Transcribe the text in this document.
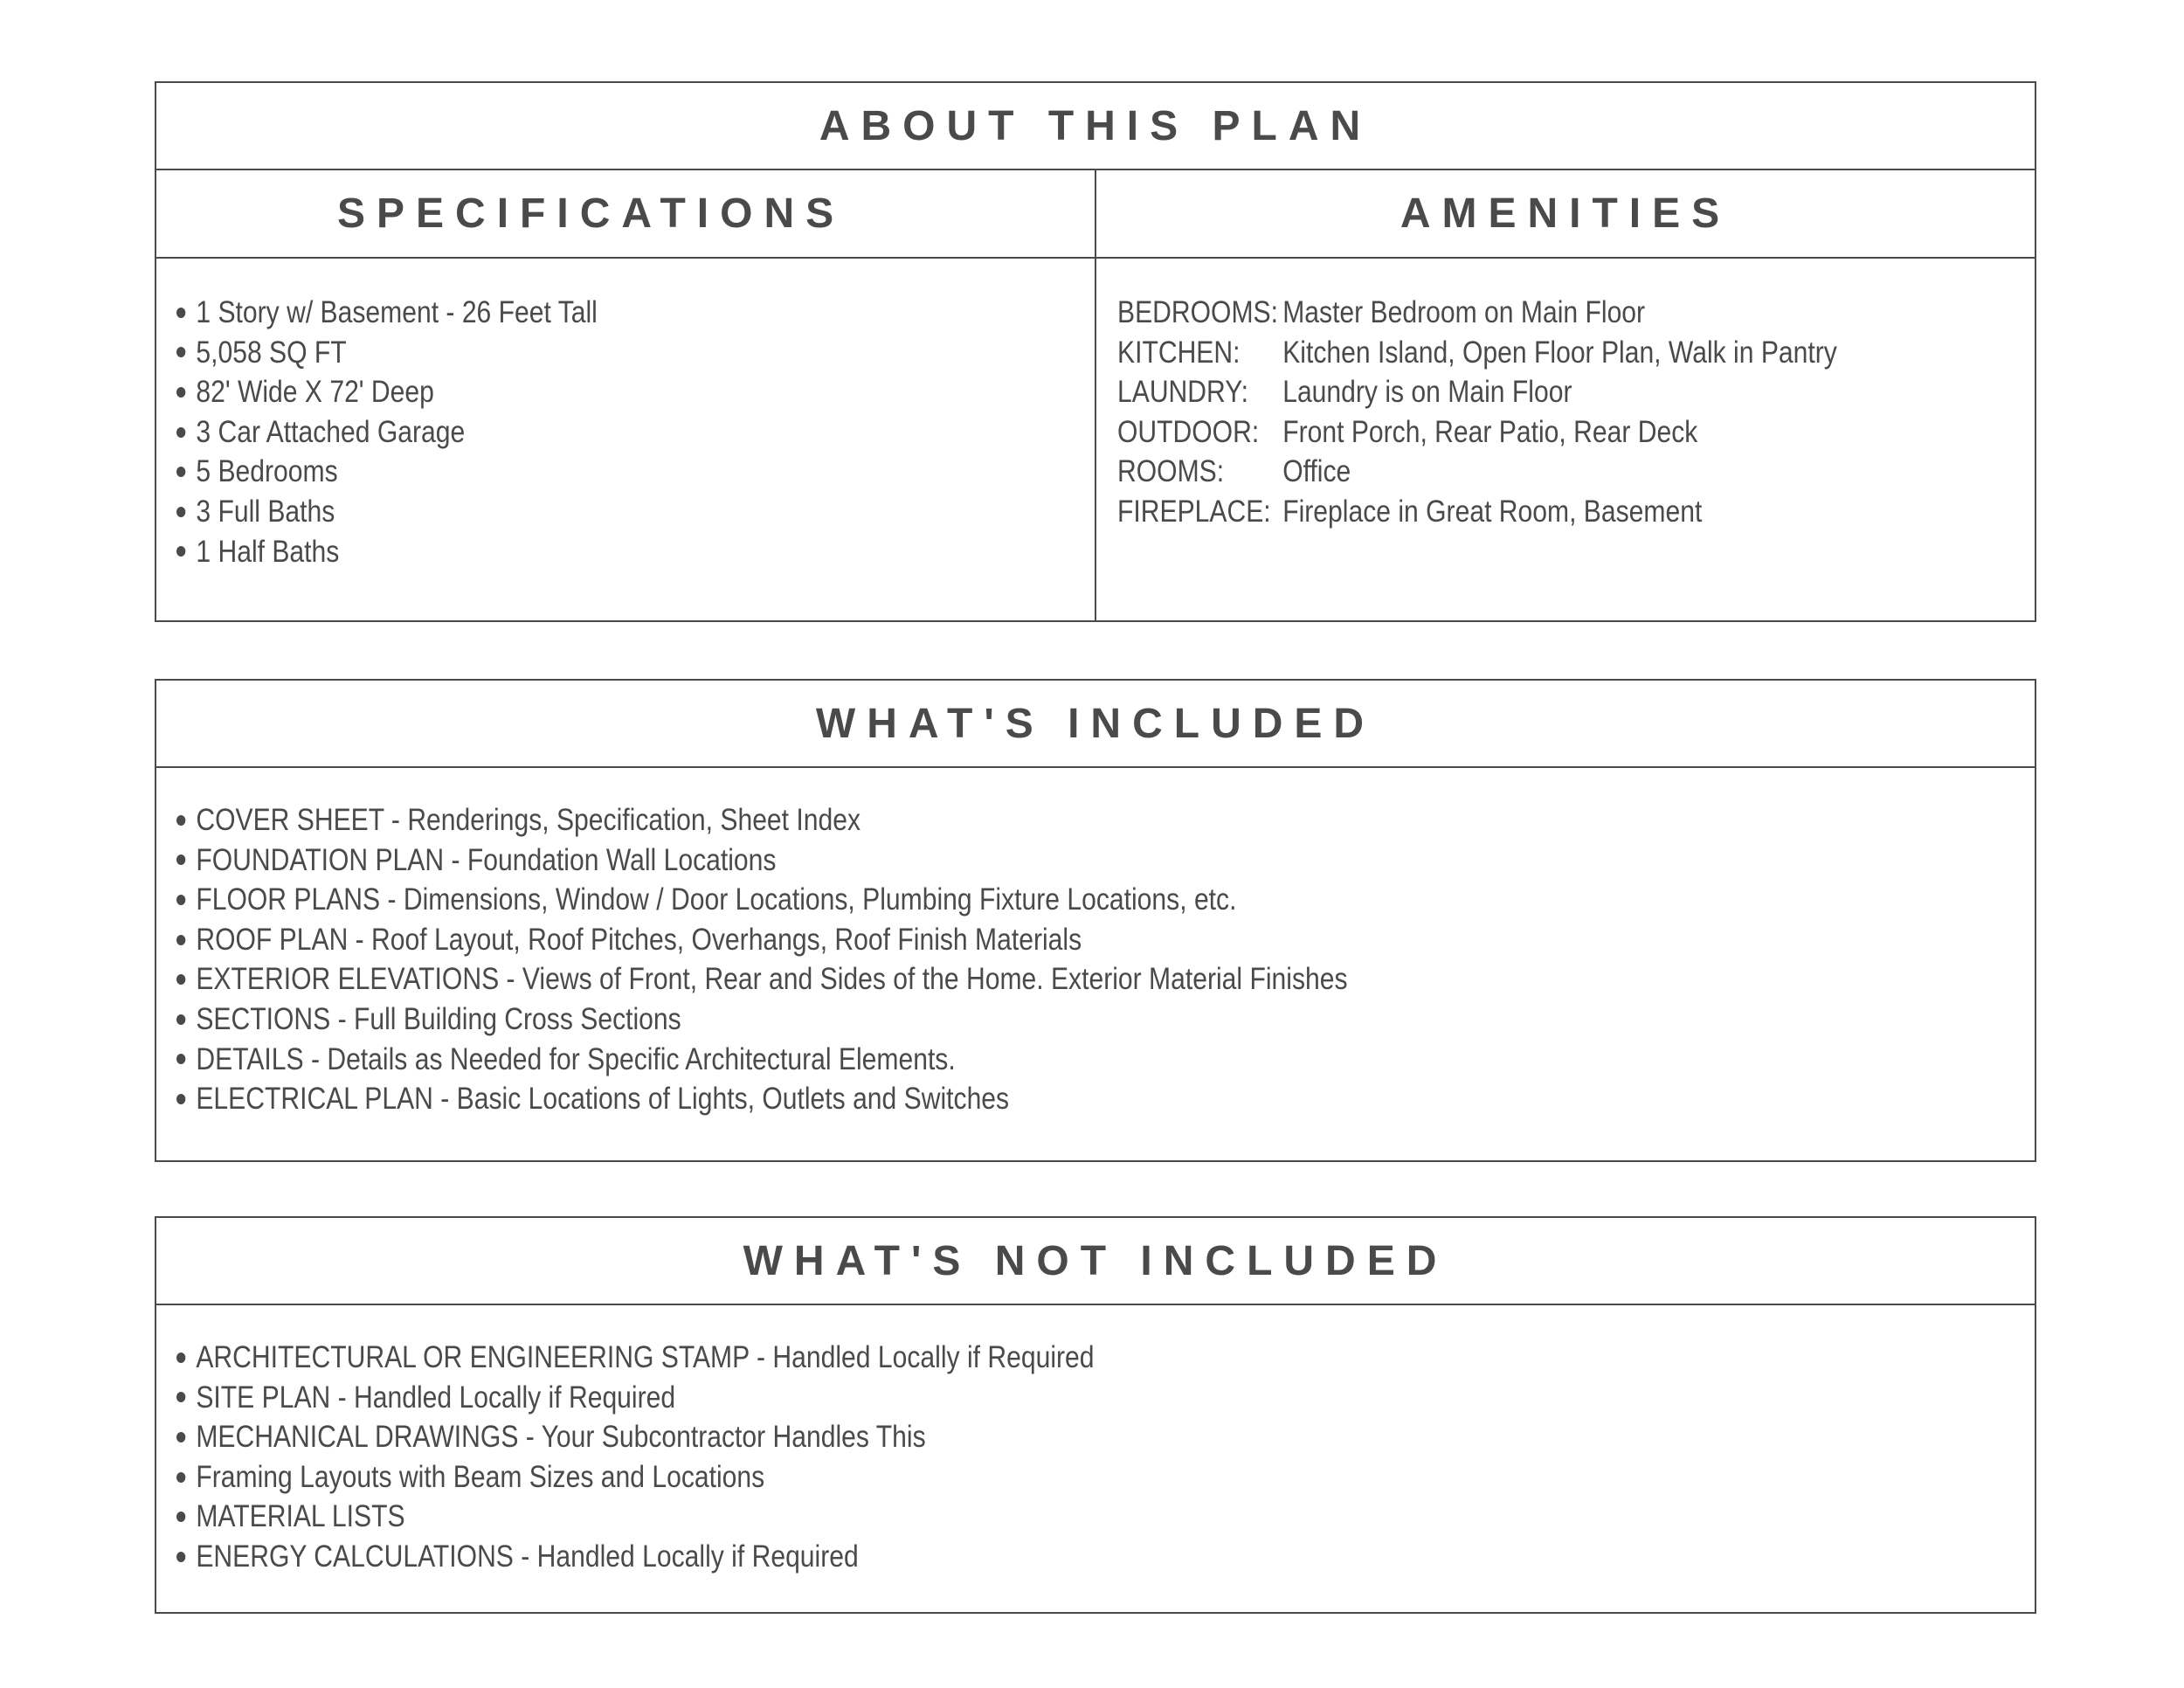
ABOUT THIS PLAN
SPECIFICATIONS	AMENITIES
1 Story w/ Basement - 26 Feet Tall
5,058 SQ FT
82' Wide X 72' Deep
3 Car Attached Garage
5 Bedrooms
3 Full Baths
1 Half Baths
BEDROOMS: Master Bedroom on Main Floor
KITCHEN: Kitchen Island, Open Floor Plan, Walk in Pantry
LAUNDRY: Laundry is on Main Floor
OUTDOOR: Front Porch, Rear Patio, Rear Deck
ROOMS: Office
FIREPLACE: Fireplace in Great Room, Basement
WHAT'S INCLUDED
COVER SHEET - Renderings, Specification, Sheet Index
FOUNDATION PLAN - Foundation Wall Locations
FLOOR PLANS - Dimensions, Window / Door Locations, Plumbing Fixture Locations, etc.
ROOF PLAN - Roof Layout, Roof Pitches, Overhangs, Roof Finish Materials
EXTERIOR ELEVATIONS - Views of Front, Rear and Sides of the Home. Exterior Material Finishes
SECTIONS - Full Building Cross Sections
DETAILS - Details as Needed for Specific Architectural Elements.
ELECTRICAL PLAN - Basic Locations of Lights, Outlets and Switches
WHAT'S NOT INCLUDED
ARCHITECTURAL OR ENGINEERING STAMP - Handled Locally if Required
SITE PLAN - Handled Locally if Required
MECHANICAL DRAWINGS - Your Subcontractor Handles This
Framing Layouts with Beam Sizes and Locations
MATERIAL LISTS
ENERGY CALCULATIONS - Handled Locally if Required
